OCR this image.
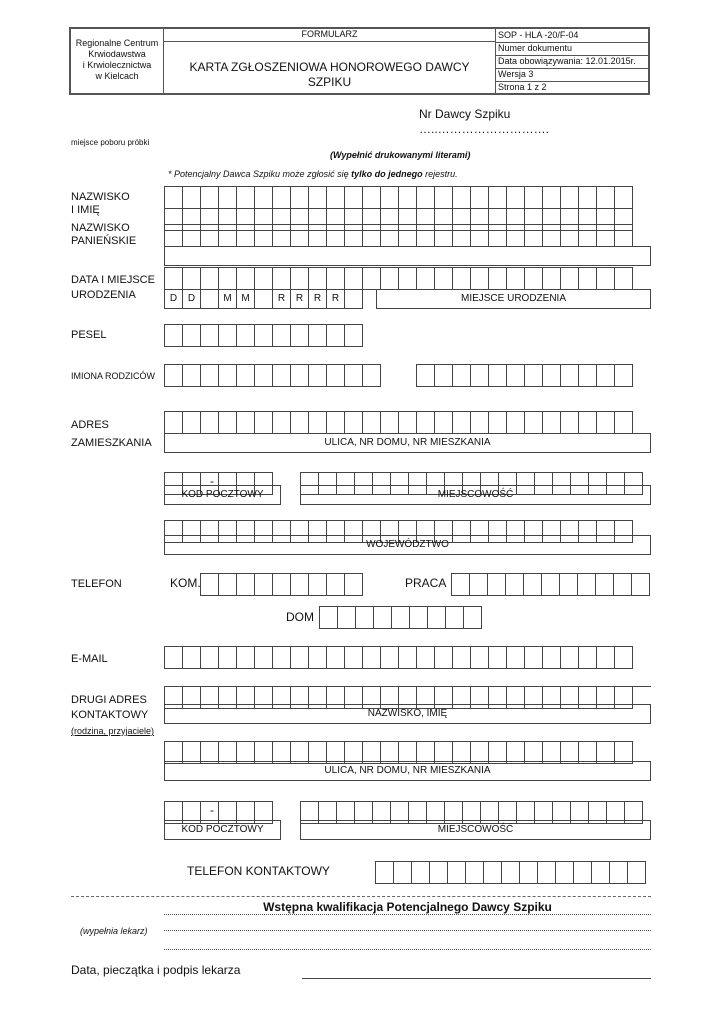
Regionalne Centrum
Krwiodawstwa
i Krwiolecznictwa
w Kielcach
FORMULARZ
KARTA ZGŁOSZENIOWA HONOROWEGO DAWCY
SZPIKU
SOP - HLA -20/F-04
Numer dokumentu
Data obowiązywania: 12.01.2015r.
Wersja 3
Strona 1 z 2
Nr Dawcy Szpiku
…..……………………….
miejsce poboru próbki
(Wypełnić drukowanymi literami)
* Potencjalny Dawca Szpiku może zgłosić się tylko do jednego rejestru.
NAZWISKO
I IMIĘ
NAZWISKO
PANIEŃSKIE
DATA I MIEJSCE
URODZENIA	D	D	M M	R	R	R	R	MIEJSCE URODZENIA
PESEL
IMIONA RODZICÓW
ADRES
ZAMIESZKANIA	ULICA, NR DOMU, NR MIESZKANIA
-
KOD POCZTOWY	MIEJSCOWOŚĆ
WOJEWÓDZTWO
TELEFON	KOM.	PRACA
DOM
E-MAIL
DRUGI ADRES
KONTAKTOWY
(rodzina, przyjaciele)
NAZWISKO, IMIĘ
ULICA, NR DOMU, NR MIESZKANIA
-
KOD POCZTOWY	MIEJSCOWOŚĆ
TELEFON KONTAKTOWY
Wstępna kwalifikacja Potencjalnego Dawcy Szpiku
(wypełnia lekarz)
Data, pieczątka i podpis lekarza
